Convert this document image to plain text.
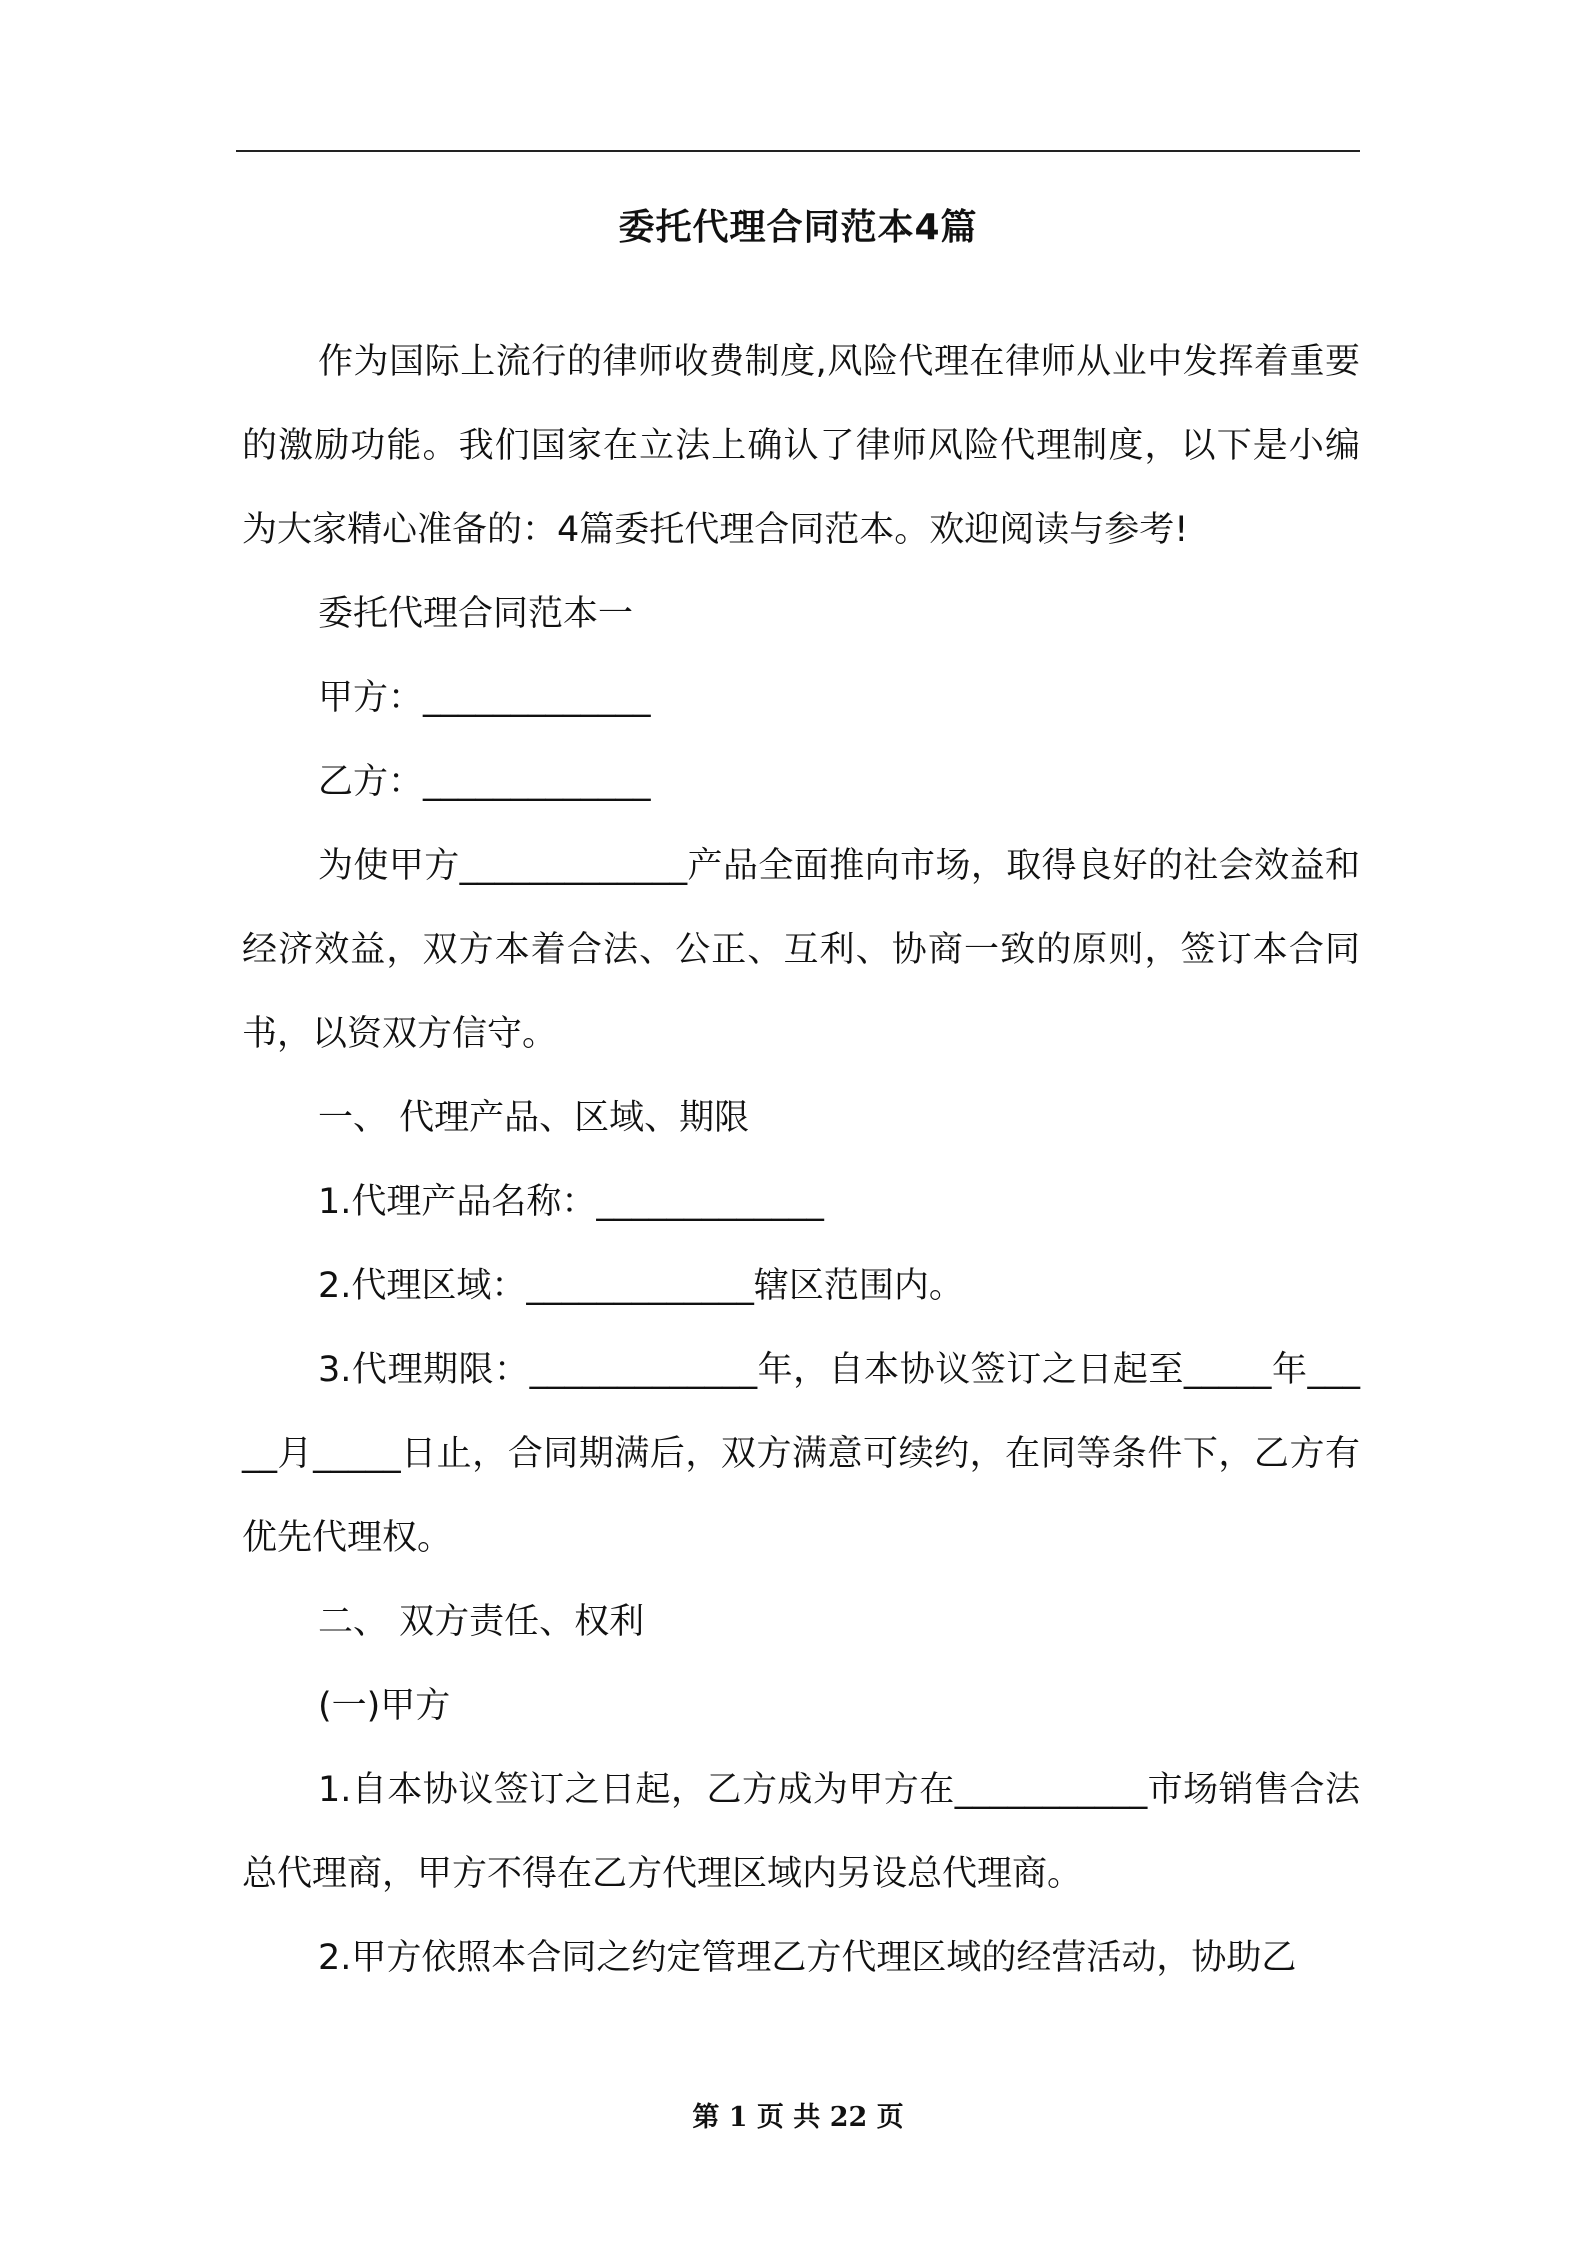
委托代理合同范本4篇

作为国际上流行的律师收费制度,风险代理在律师从业中发挥着重要的激励功能。我们国家在立法上确认了律师风险代理制度，以下是小编为大家精心准备的：4篇委托代理合同范本。欢迎阅读与参考!

委托代理合同范本一

甲方：_____________

乙方：_____________

为使甲方_____________产品全面推向市场，取得良好的社会效益和经济效益，双方本着合法、公正、互利、协商一致的原则，签订本合同书，以资双方信守。

一、 代理产品、区域、期限

1.代理产品名称：_____________

2.代理区域：_____________辖区范围内。

3.代理期限：_____________年，自本协议签订之日起至_____年_____月_____日止，合同期满后，双方满意可续约，在同等条件下，乙方有优先代理权。

二、 双方责任、权利

(一)甲方

1.自本协议签订之日起，乙方成为甲方在___________市场销售合法总代理商，甲方不得在乙方代理区域内另设总代理商。

2.甲方依照本合同之约定管理乙方代理区域的经营活动，协助乙

第 1 页 共 22 页
